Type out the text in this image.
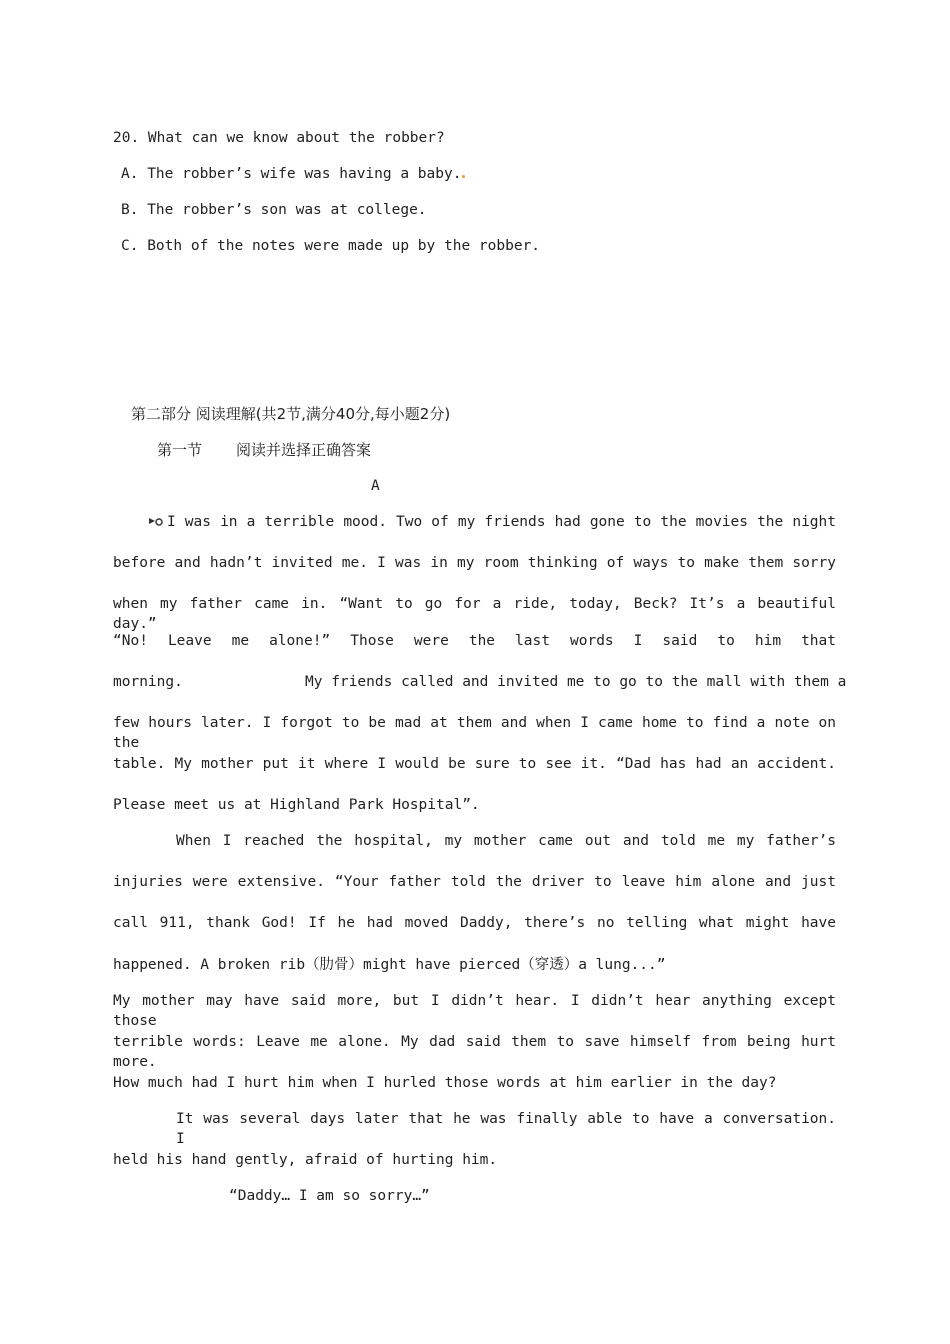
20. What can we know about the robber?

A. The robber’s wife was having a baby.

B. The robber’s son was at college.

C. Both of the notes were made up by the robber.

第二部分 阅读理解(共2节,满分40分,每小题2分)

第一节 阅读并选择正确答案

A

I was in a terrible mood. Two of my friends had gone to the movies the night

before and hadn’t invited me. I was in my room thinking of ways to make them sorry

when my father came in. “Want to go for a ride, today, Beck? It’s a beautiful day.”

“No! Leave me alone!” Those were the last words I said to him that

morning.              My friends called and invited me to go to the mall with them a

few hours later. I forgot to be mad at them and when I came home to find a note on the

table. My mother put it where I would be sure to see it. “Dad has had an accident.

Please meet us at Highland Park Hospital”.

When I reached the hospital, my mother came out and told me my father’s

injuries were extensive. “Your father told the driver to leave him alone and just

call 911, thank God! If he had moved Daddy, there’s no telling what might have

happened. A broken rib（肋骨）might have pierced（穿透）a lung...”

My mother may have said more, but I didn’t hear. I didn’t hear anything except those

terrible words: Leave me alone. My dad said them to save himself from being hurt more.

How much had I hurt him when I hurled those words at him earlier in the day?

It was several days later that he was finally able to have a conversation. I

held his hand gently, afraid of hurting him.

“Daddy… I am so sorry…”
